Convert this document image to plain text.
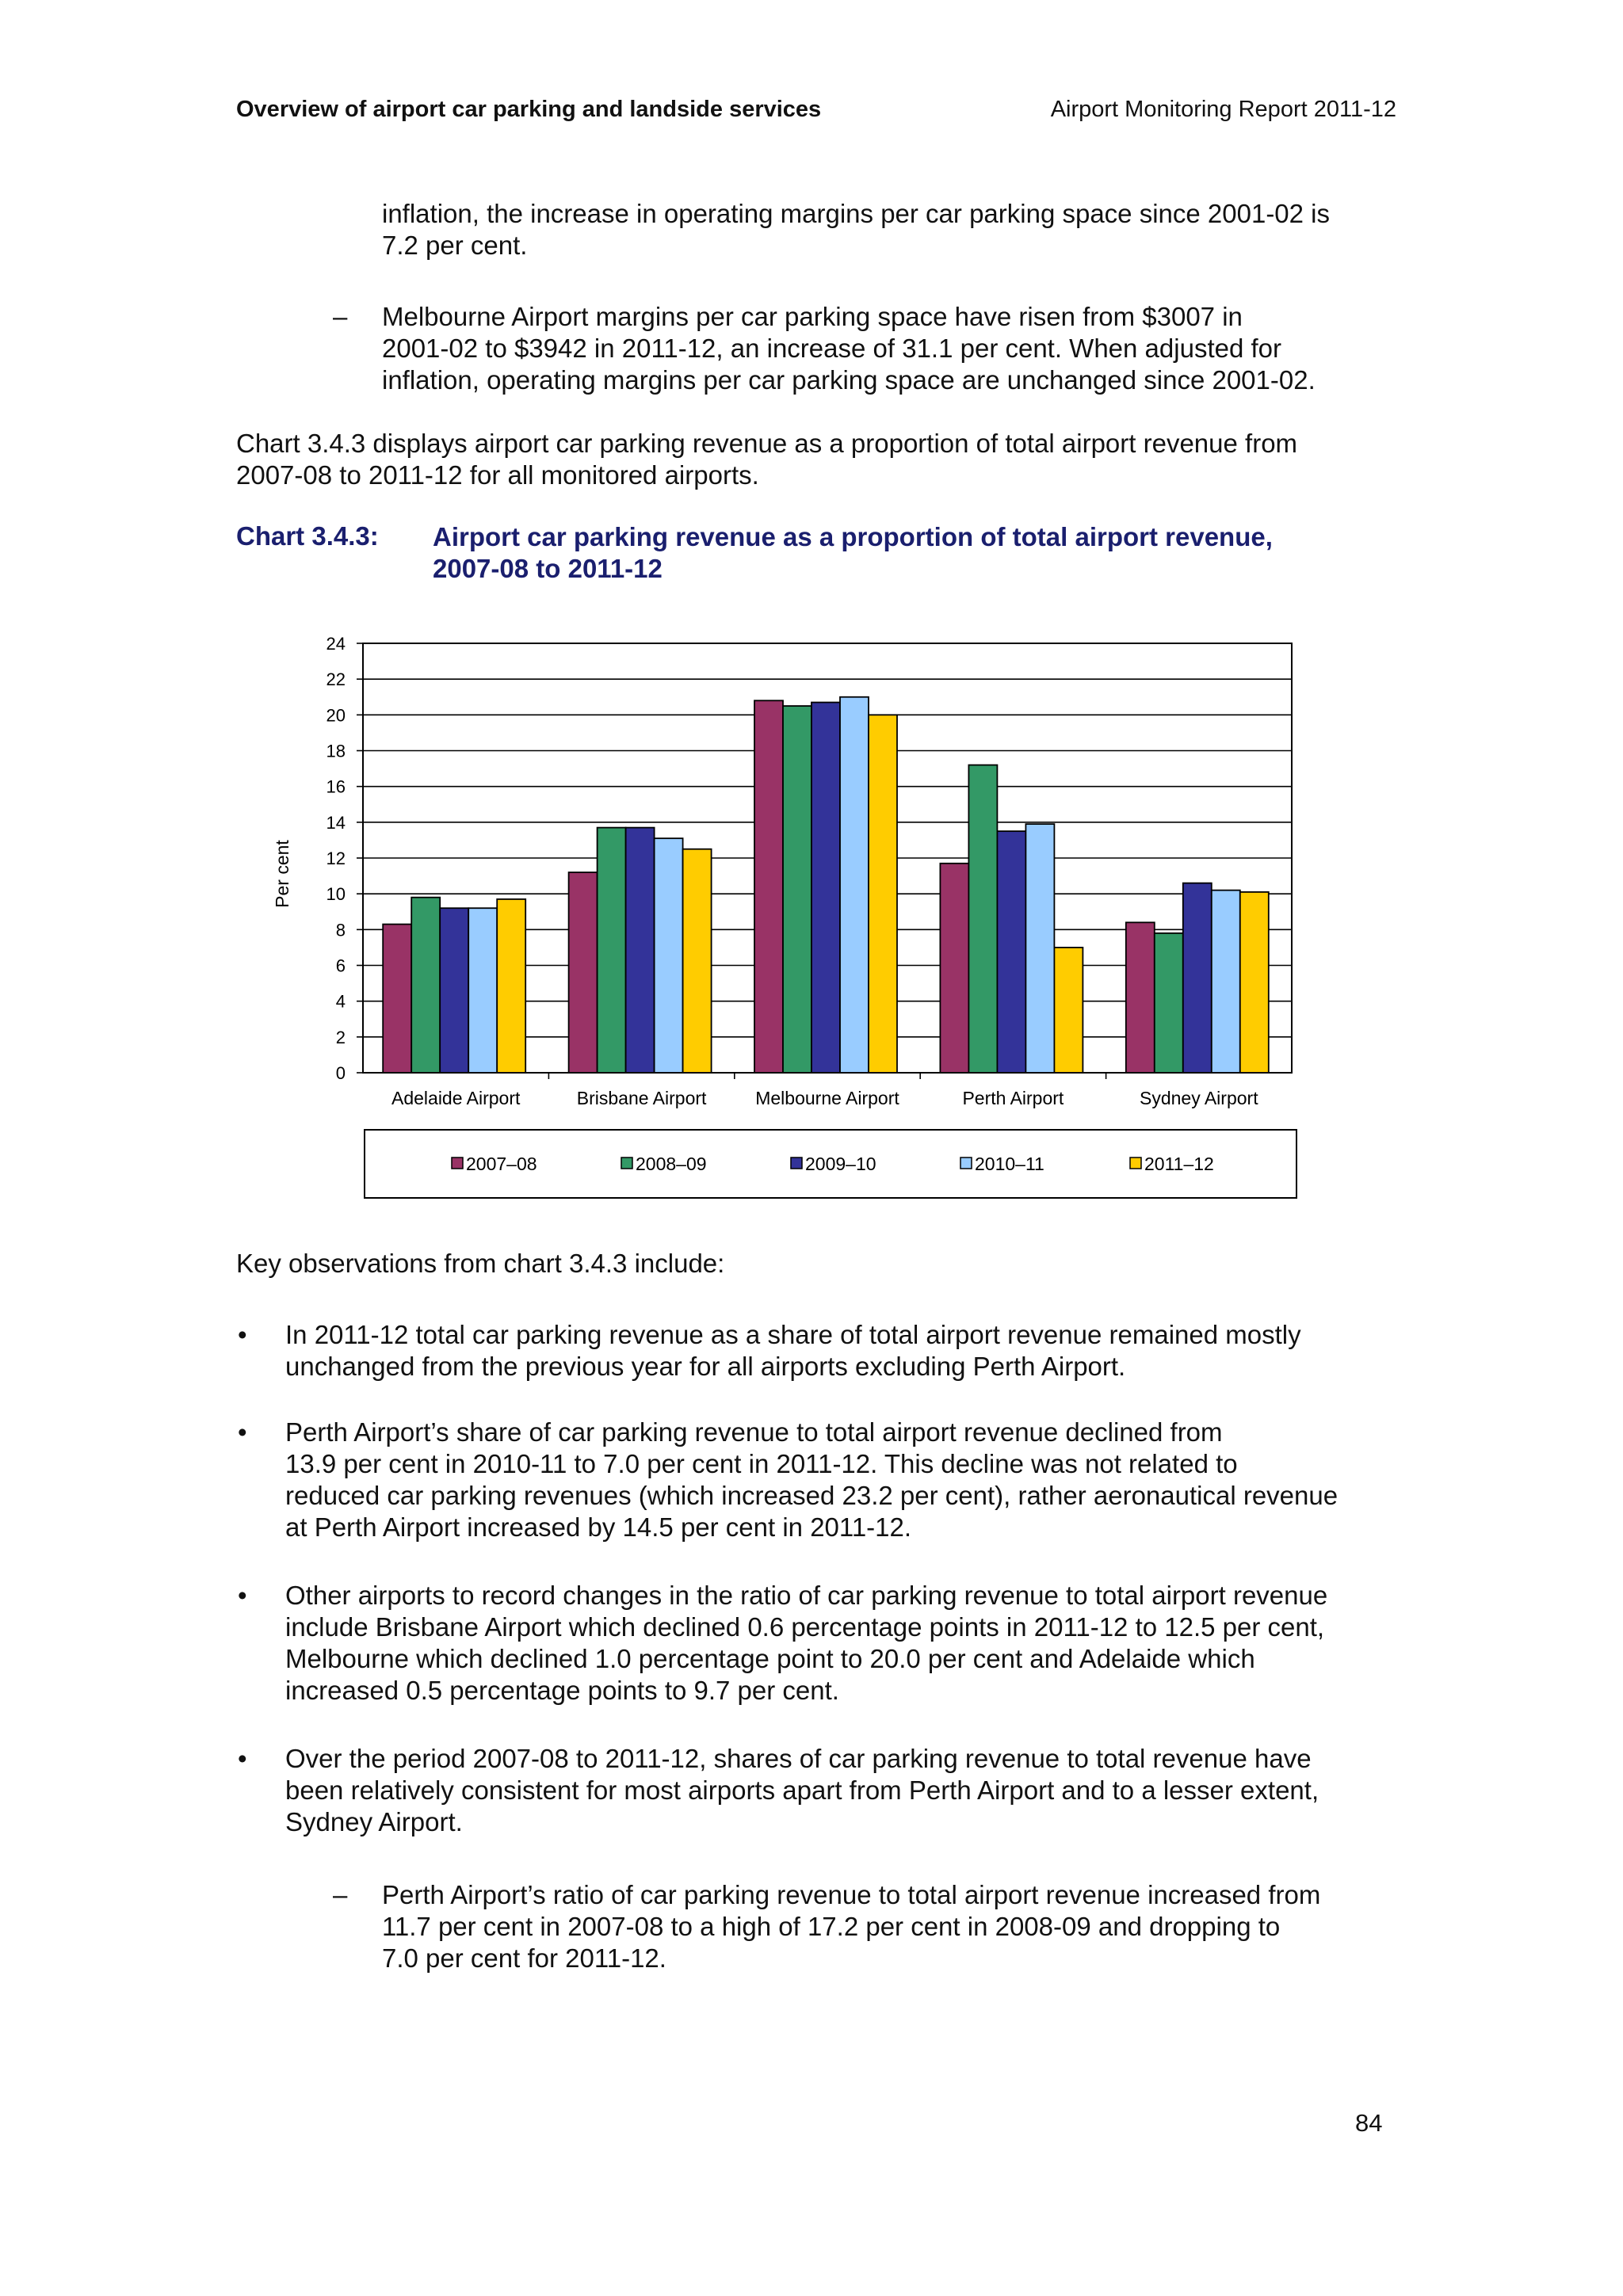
Overview of airport car parking and landside services	Airport Monitoring Report 2011-12
inflation, the increase in operating margins per car parking space since 2001-02 is
7.2 per cent.
– Melbourne Airport margins per car parking space have risen from $3007 in
2001-02 to $3942 in 2011-12, an increase of 31.1 per cent. When adjusted for
inflation, operating margins per car parking space are unchanged since 2001-02.
Chart 3.4.3 displays airport car parking revenue as a proportion of total airport revenue from
2007-08 to 2011-12 for all monitored airports.
Chart 3.4.3: Airport car parking revenue as a proportion of total airport revenue,
2007-08 to 2011-12
0
2
4
6
8
10
12
14
16
18
20
22
24
Per cent
Adelaide Airport	Brisbane Airport	Melbourne Airport	Perth Airport	Sydney Airport
2007–08	2008–09	2009–10	2010–11	2011–12
Key observations from chart 3.4.3 include:
• In 2011-12 total car parking revenue as a share of total airport revenue remained mostly
unchanged from the previous year for all airports excluding Perth Airport.
• Perth Airport’s share of car parking revenue to total airport revenue declined from
13.9 per cent in 2010-11 to 7.0 per cent in 2011-12. This decline was not related to
reduced car parking revenues (which increased 23.2 per cent), rather aeronautical revenue
at Perth Airport increased by 14.5 per cent in 2011-12.
• Other airports to record changes in the ratio of car parking revenue to total airport revenue
include Brisbane Airport which declined 0.6 percentage points in 2011-12 to 12.5 per cent,
Melbourne which declined 1.0 percentage point to 20.0 per cent and Adelaide which
increased 0.5 percentage points to 9.7 per cent.
• Over the period 2007-08 to 2011-12, shares of car parking revenue to total revenue have
been relatively consistent for most airports apart from Perth Airport and to a lesser extent,
Sydney Airport.
– Perth Airport’s ratio of car parking revenue to total airport revenue increased from
11.7 per cent in 2007-08 to a high of 17.2 per cent in 2008-09 and dropping to
7.0 per cent for 2011-12.
84
